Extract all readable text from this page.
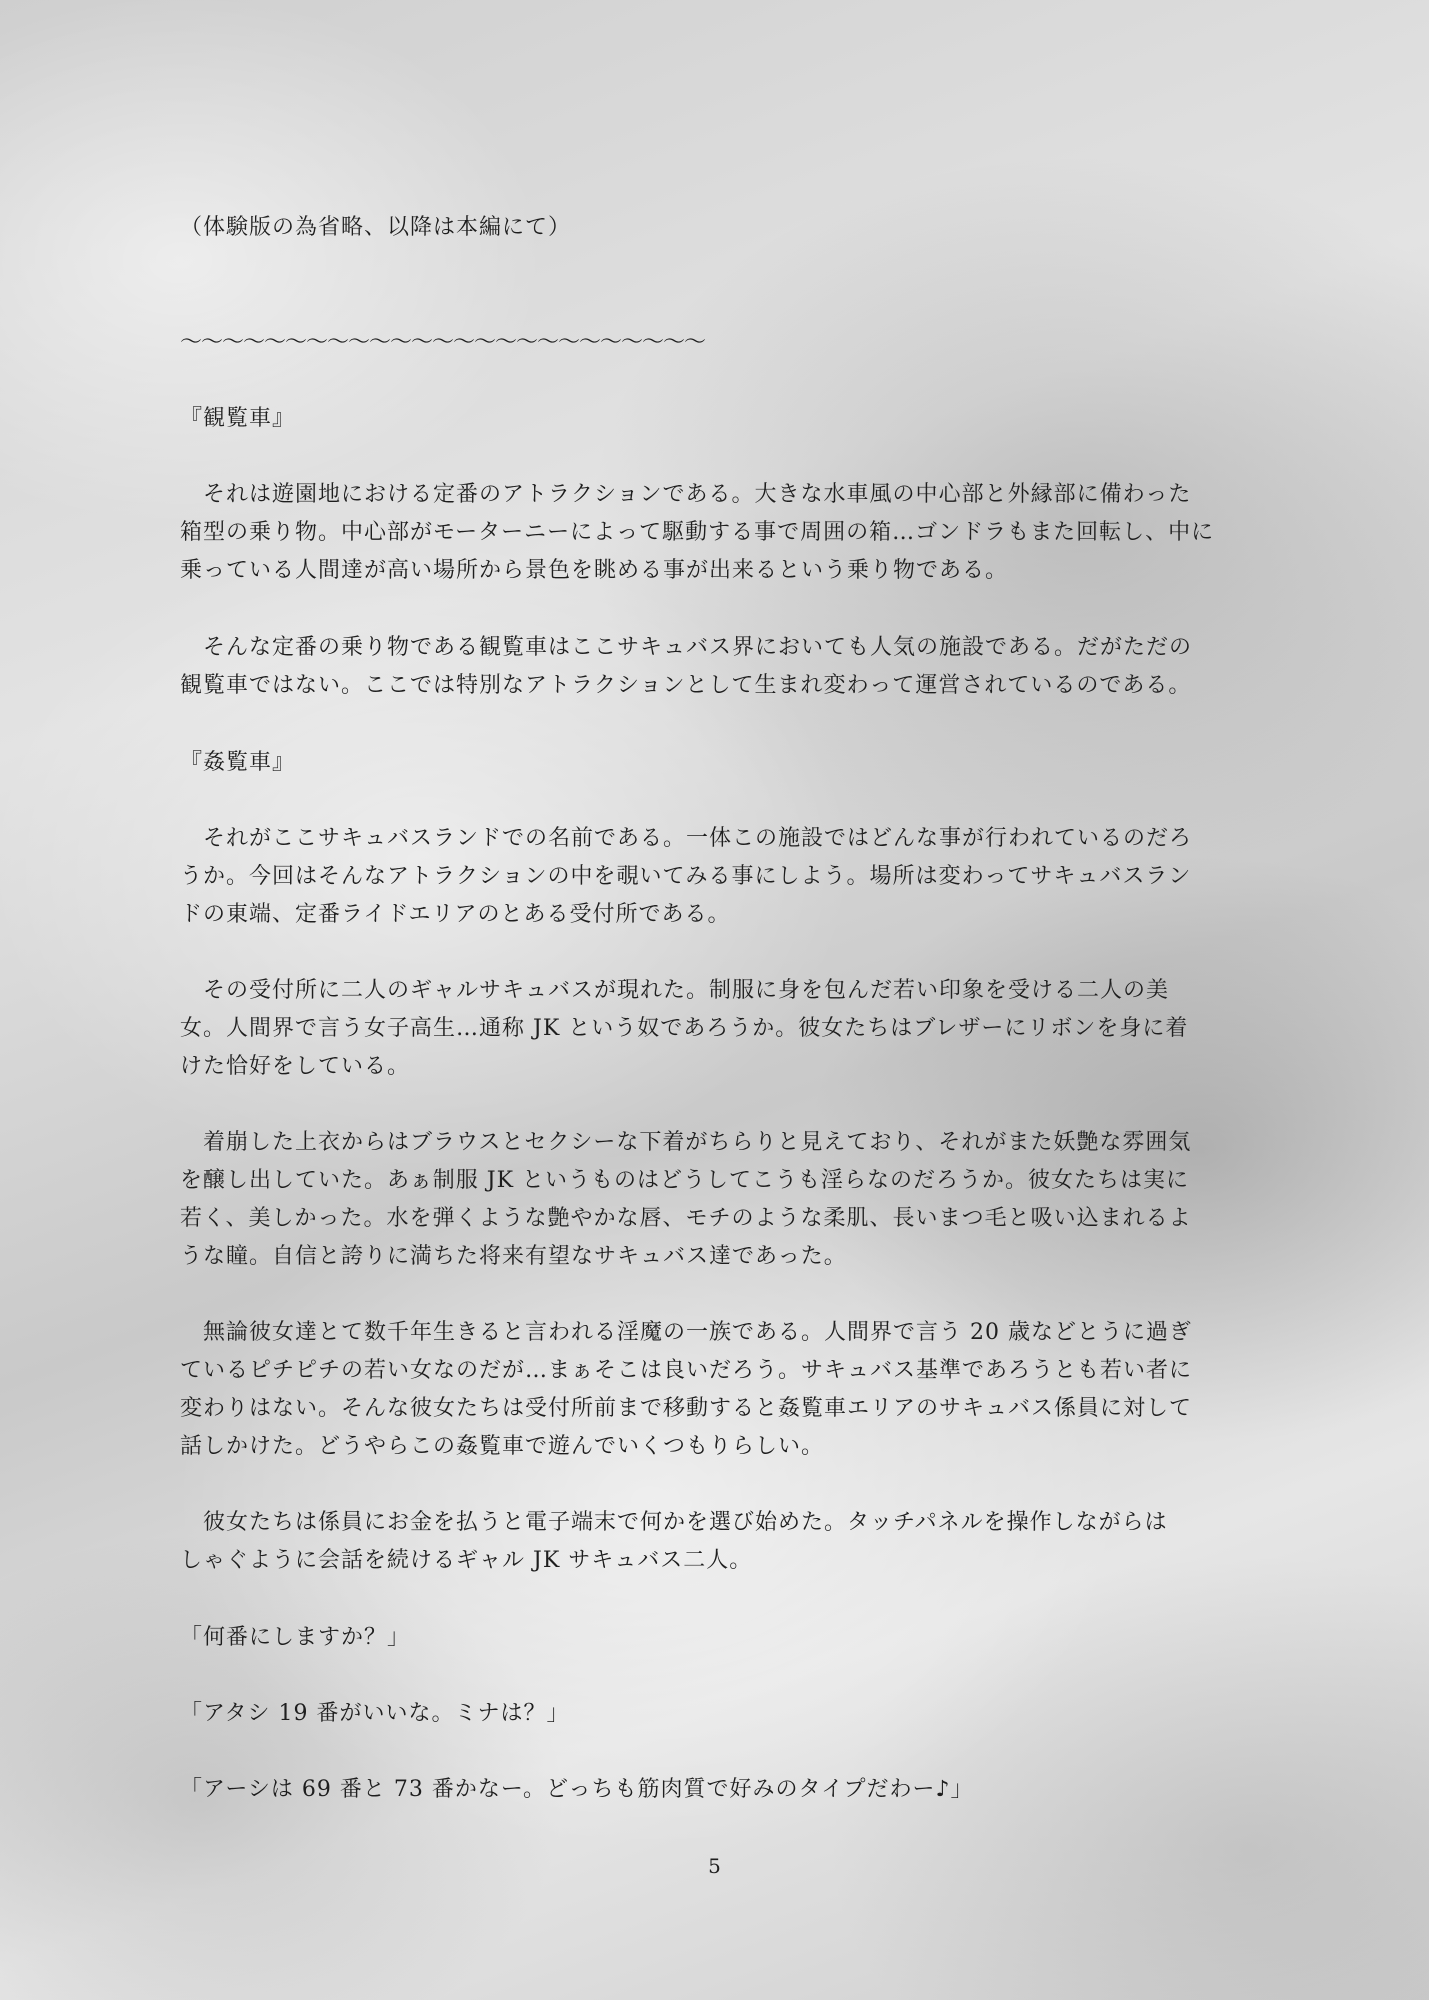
（体験版の為省略、以降は本編にて）
〜〜〜〜〜〜〜〜〜〜〜〜〜〜〜〜〜〜〜〜〜〜〜〜〜
『観覧車』
　それは遊園地における定番のアトラクションである。大きな水車風の中心部と外縁部に備わった
箱型の乗り物。中心部がモーターニーによって駆動する事で周囲の箱…ゴンドラもまた回転し、中に
乗っている人間達が高い場所から景色を眺める事が出来るという乗り物である。
　そんな定番の乗り物である観覧車はここサキュバス界においても人気の施設である。だがただの
観覧車ではない。ここでは特別なアトラクションとして生まれ変わって運営されているのである。
『姦覧車』
　それがここサキュバスランドでの名前である。一体この施設ではどんな事が行われているのだろ
うか。今回はそんなアトラクションの中を覗いてみる事にしよう。場所は変わってサキュバスラン
ドの東端、定番ライドエリアのとある受付所である。
　その受付所に二人のギャルサキュバスが現れた。制服に身を包んだ若い印象を受ける二人の美
女。人間界で言う女子高生…通称 JK という奴であろうか。彼女たちはブレザーにリボンを身に着
けた恰好をしている。
　着崩した上衣からはブラウスとセクシーな下着がちらりと見えており、それがまた妖艶な雰囲気
を醸し出していた。あぁ制服 JK というものはどうしてこうも淫らなのだろうか。彼女たちは実に
若く、美しかった。水を弾くような艶やかな唇、モチのような柔肌、長いまつ毛と吸い込まれるよ
うな瞳。自信と誇りに満ちた将来有望なサキュバス達であった。
　無論彼女達とて数千年生きると言われる淫魔の一族である。人間界で言う 20 歳などとうに過ぎ
ているピチピチの若い女なのだが…まぁそこは良いだろう。サキュバス基準であろうとも若い者に
変わりはない。そんな彼女たちは受付所前まで移動すると姦覧車エリアのサキュバス係員に対して
話しかけた。どうやらこの姦覧車で遊んでいくつもりらしい。
　彼女たちは係員にお金を払うと電子端末で何かを選び始めた。タッチパネルを操作しながらは
しゃぐように会話を続けるギャル JK サキュバス二人。
「何番にしますか？」
「アタシ 19 番がいいな。ミナは？」
「アーシは 69 番と 73 番かなー。どっちも筋肉質で好みのタイプだわー♪」
5
